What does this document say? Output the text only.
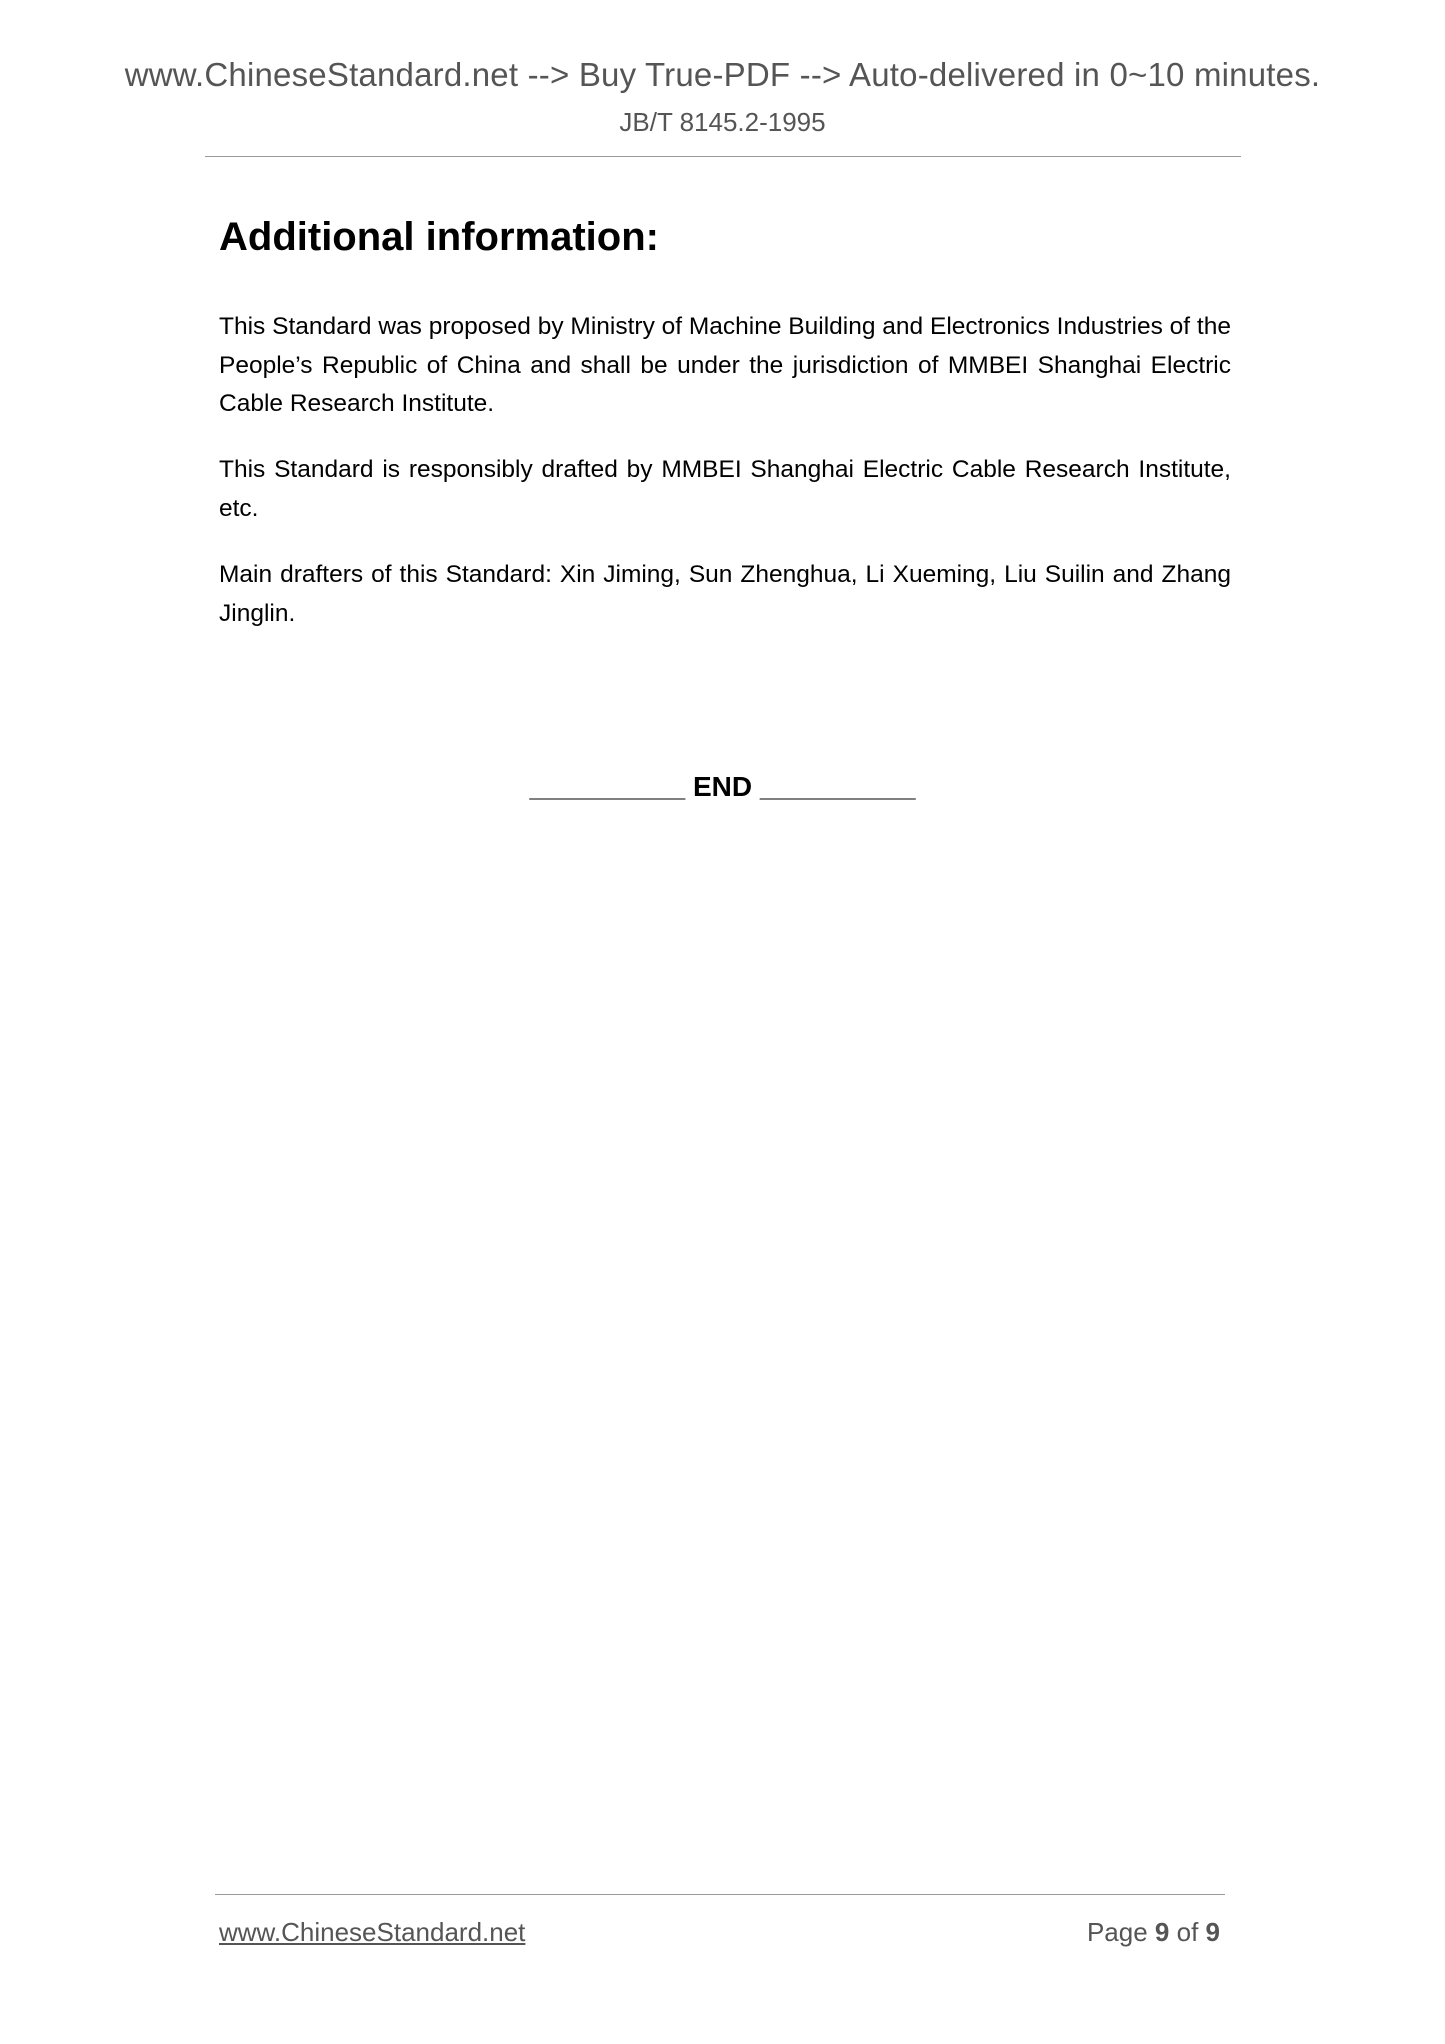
www.ChineseStandard.net --> Buy True-PDF --> Auto-delivered in 0~10 minutes.
JB/T 8145.2-1995
Additional information:

This Standard was proposed by Ministry of Machine Building and Electronics Industries of the People’s Republic of China and shall be under the jurisdiction of MMBEI Shanghai Electric Cable Research Institute.

This Standard is responsibly drafted by MMBEI Shanghai Electric Cable Research Institute, etc.

Main drafters of this Standard: Xin Jiming, Sun Zhenghua, Li Xueming, Liu Suilin and Zhang Jinglin.

__________ END __________
www.ChineseStandard.net	Page 9 of 9
